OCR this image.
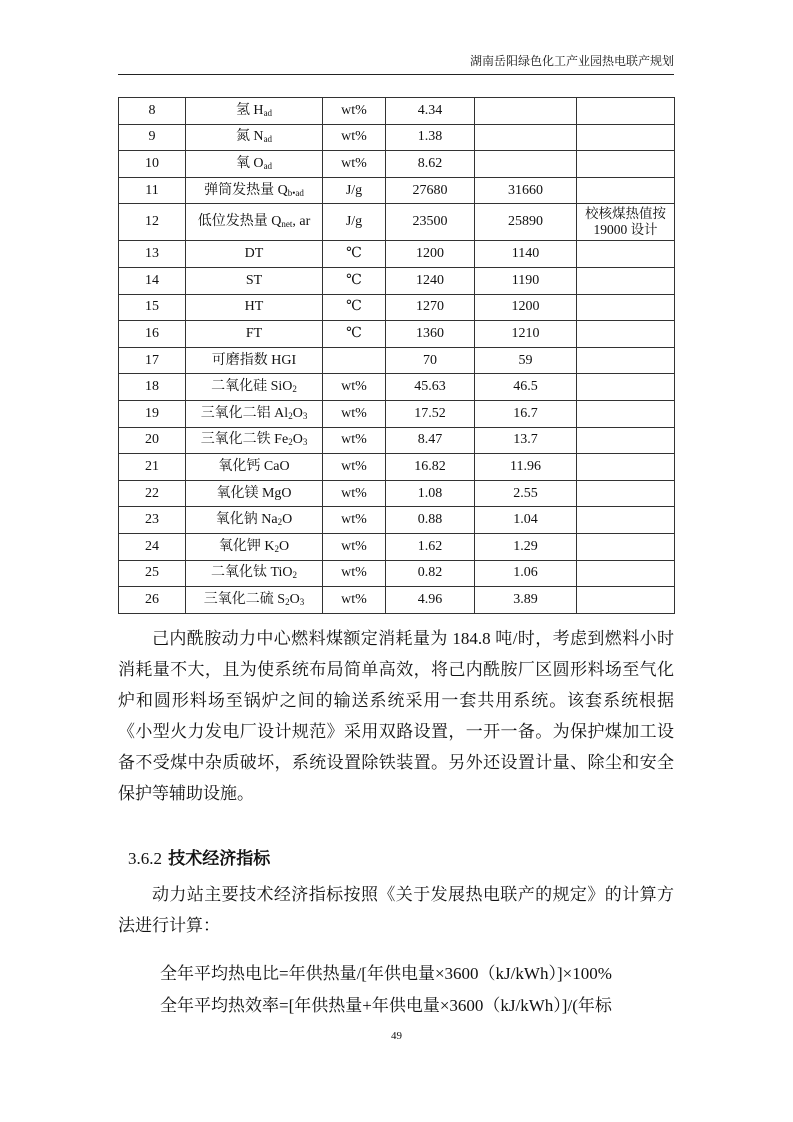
湖南岳阳绿色化工产业园热电联产规划
8	氢 $H_{ad}$	wt%	4.34		
9	氮 $N_{ad}$	wt%	1.38		
10	氧 $O_{ad}$	wt%	8.62		
11	弹筒发热量 $Q_{b•ad}$	J/g	27680	31660	
12	低位发热量 $Q_{net}$, ar	J/g	23500	25890	校核煤热值按 19000 设计
13	DT	℃	1200	1140	
14	ST	℃	1240	1190	
15	HT	℃	1270	1200	
16	FT	℃	1360	1210	
17	可磨指数 HGI		70	59	
18	二氧化硅 SiO$_2$	wt%	45.63	46.5	
19	三氧化二铝 $Al_2O_3$	wt%	17.52	16.7	
20	三氧化二铁 $Fe_2O_3$	wt%	8.47	13.7	
21	氧化钙 CaO	wt%	16.82	11.96	
22	氧化镁 MgO	wt%	1.08	2.55	
23	氧化钠 $Na_2O$	wt%	0.88	1.04	
24	氧化钾 $K_2O$	wt%	1.62	1.29	
25	二氧化钛 TiO$_2$	wt%	0.82	1.06	
26	三氧化二硫 $S_2O_3$	wt%	4.96	3.89	

己内酰胺动力中心燃料煤额定消耗量为 184.8 吨/时，考虑到燃料小时消耗量不大，且为使系统布局简单高效，将己内酰胺厂区圆形料场至气化炉和圆形料场至锅炉之间的输送系统采用一套共用系统。该套系统根据《小型火力发电厂设计规范》采用双路设置，一开一备。为保护煤加工设备不受煤中杂质破坏，系统设置除铁装置。另外还设置计量、除尘和安全保护等辅助设施。

3.6.2 技术经济指标

动力站主要技术经济指标按照《关于发展热电联产的规定》的计算方法进行计算：

全年平均热电比=年供热量/[年供电量×3600（kJ/kWh）]×100%
全年平均热效率=[年供热量+年供电量×3600（kJ/kWh）]/(年标
49
